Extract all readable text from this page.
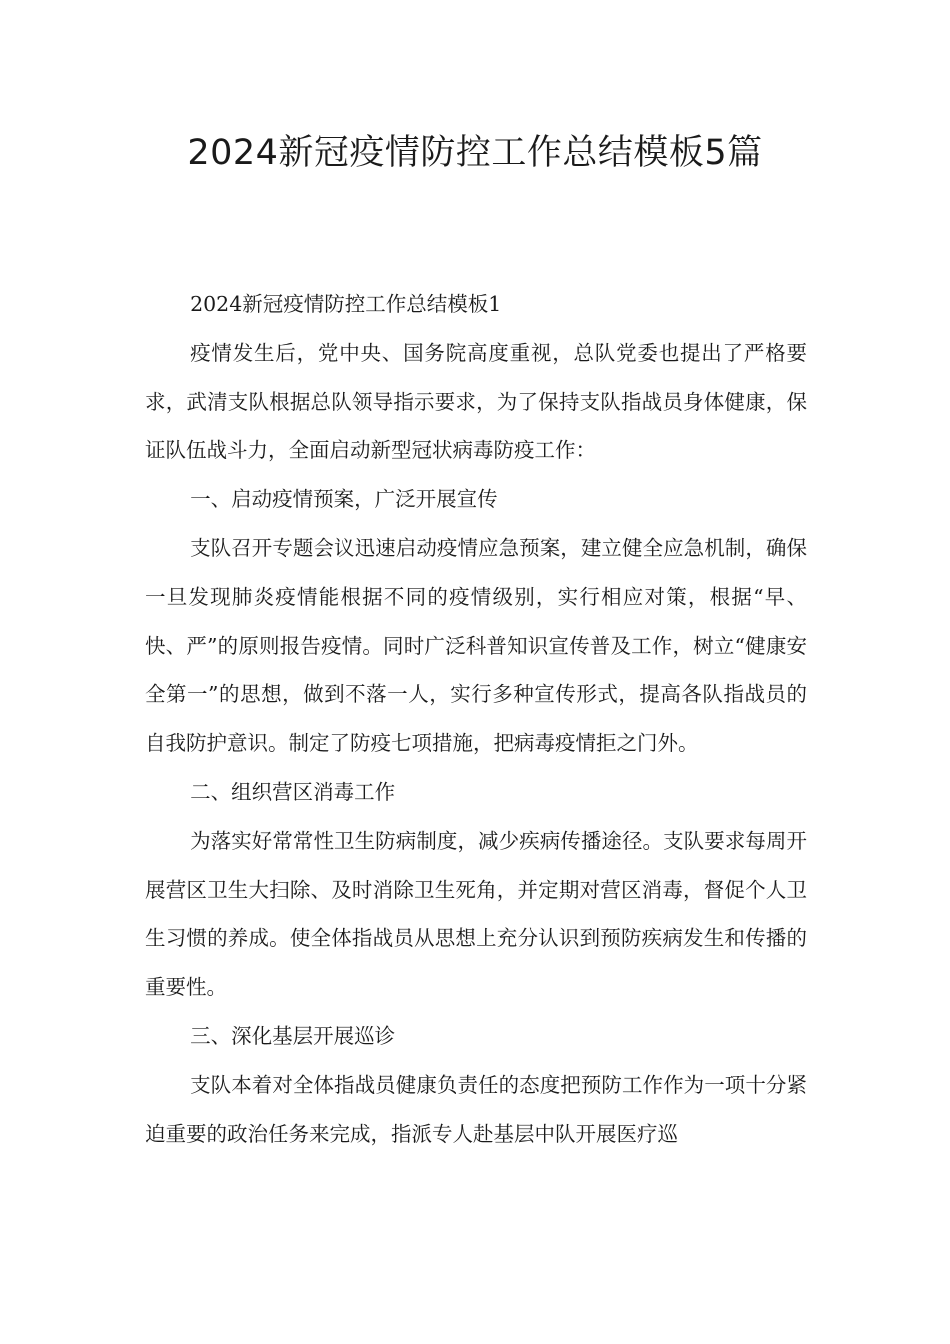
2024新冠疫情防控工作总结模板5篇

2024新冠疫情防控工作总结模板1

疫情发生后，党中央、国务院高度重视，总队党委也提出了严格要求，武清支队根据总队领导指示要求，为了保持支队指战员身体健康，保证队伍战斗力，全面启动新型冠状病毒防疫工作：

一、启动疫情预案，广泛开展宣传

支队召开专题会议迅速启动疫情应急预案，建立健全应急机制，确保一旦发现肺炎疫情能根据不同的疫情级别，实行相应对策，根据“早、快、严”的原则报告疫情。同时广泛科普知识宣传普及工作，树立“健康安全第一”的思想，做到不落一人，实行多种宣传形式，提高各队指战员的自我防护意识。制定了防疫七项措施，把病毒疫情拒之门外。

二、组织营区消毒工作

为落实好常常性卫生防病制度，减少疾病传播途径。支队要求每周开展营区卫生大扫除、及时消除卫生死角，并定期对营区消毒，督促个人卫生习惯的养成。使全体指战员从思想上充分认识到预防疾病发生和传播的重要性。

三、深化基层开展巡诊

支队本着对全体指战员健康负责任的态度把预防工作作为一项十分紧迫重要的政治任务来完成，指派专人赴基层中队开展医疗巡
